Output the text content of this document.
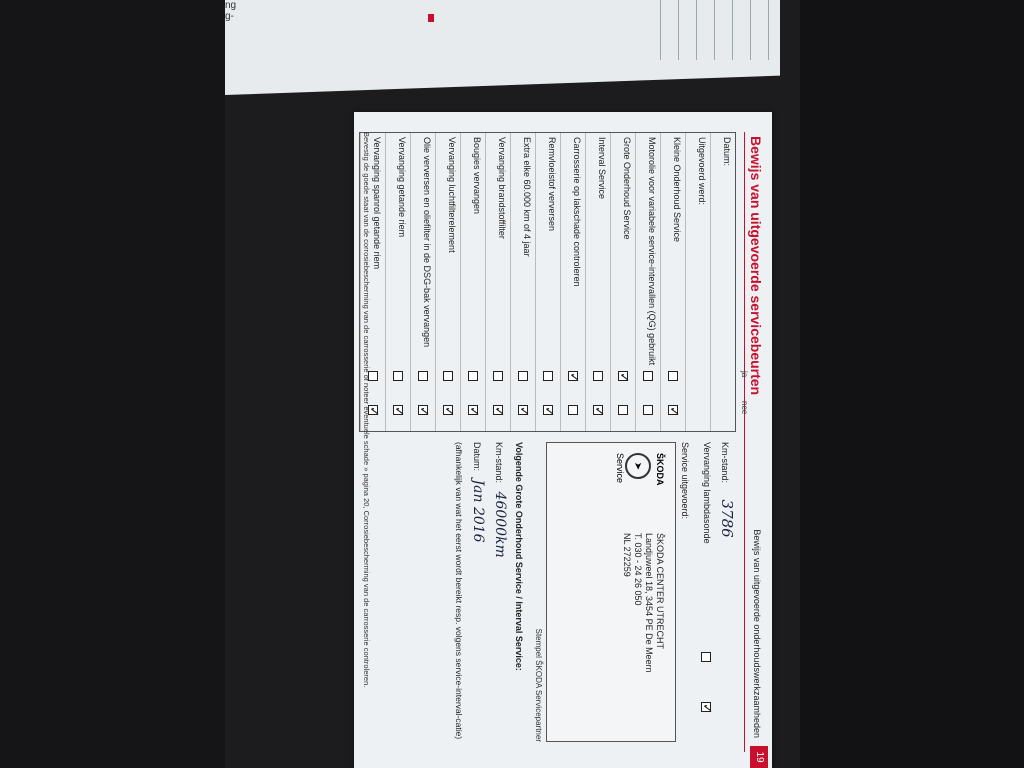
ng
g-
Bewijs van uitgevoerde servicebeurten
Bewijs van uitgevoerde onderhoudswerkzaamheden
19
ja
nee
Datum:
Uitgevoerd werd:
Kleine Onderhoud Service
✓
Motorolie voor variabele service-intervallen (QG) gebruikt
Grote Onderhoud Service
✓
Interval Service
✓
Carrosserie op lakschade controleren
✓
Remvloeistof verversen
✓
Extra elke 60.000 km of 4 jaar
✓
Vervanging brandstoffilter
✓
Bougies vervangen
✓
Vervanging luchtfilterelement
✓
Olie verversen en oliefilter in de DSG-bak vervangen
✓
Vervanging getande riem
✓
Vervanging spanrol getande riem
✓
Km-stand: 3786
Vervanging lambdasonde
✓
Service uitgevoerd:
ŠKODA
➤
Service
ŠKODA CENTER UTRECHT
Landjuweel 18, 3454 PE De Meern
T. 030 - 24 26 050
NL 272259
Stempel ŠKODA Servicepartner
Volgende Grote Onderhoud Service / Interval Service:
Km-stand: 46000km
Datum: Jan 2016
(afhankelijk van wat het eerst wordt bereikt resp. volgens service-interval-catie)
Bevestig de goede staat van de corrosiebescherming van de carrosserie of noteer eventuele schade » pagina 20, Corrosiebescherming van de carrosserie controleren.
